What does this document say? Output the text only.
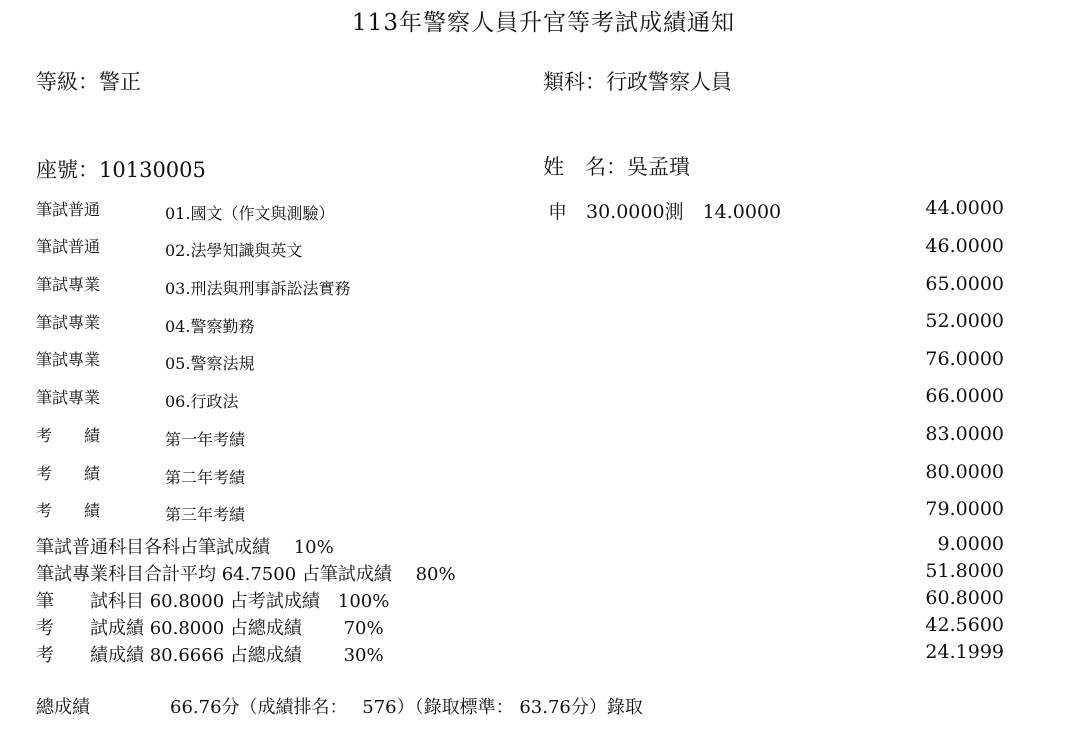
113年警察人員升官等考試成績通知
等級：警正	類科：行政警察人員
座號：10130005	姓　名：吳孟璝
筆試普通	01.國文（作文與測驗）	申　30.0000測　14.0000	44.0000
筆試普通	02.法學知識與英文	46.0000
筆試專業	03.刑法與刑事訴訟法實務	65.0000
筆試專業	04.警察勤務	52.0000
筆試專業	05.警察法規	76.0000
筆試專業	06.行政法	66.0000
考　　績	第一年考績	83.0000
考　　績	第二年考績	80.0000
考　　績	第三年考績	79.0000
筆試普通科目各科占筆試成績　 10%	9.0000
筆試專業科目合計平均 64.7500 占筆試成績　 80%	51.8000
筆　　試科目 60.8000 占考試成績　100%	60.8000
考　　試成績 60.8000 占總成績　　 70%	42.5600
考　　績成績 80.6666 占總成績　　 30%	24.1999
總成績	66.76分（成績排名：　 576）（錄取標準： 63.76分）錄取
